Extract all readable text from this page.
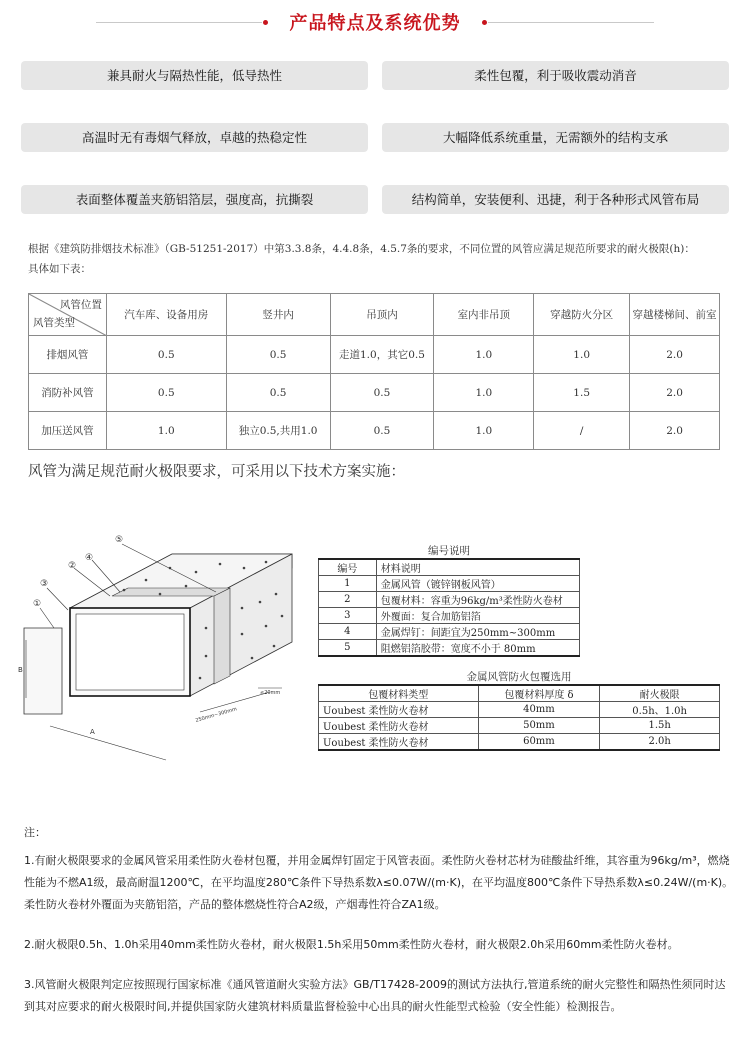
产品特点及系统优势
兼具耐火与隔热性能，低导热性	柔性包覆，利于吸收震动消音
高温时无有毒烟气释放，卓越的热稳定性	大幅降低系统重量，无需额外的结构支承
表面整体覆盖夹筋铝箔层，强度高，抗撕裂	结构简单，安装便利、迅捷，利于各种形式风管布局
根据《建筑防排烟技术标准》（GB-51251-2017）中第3.3.8条，4.4.8条，4.5.7条的要求，不同位置的风管应满足规范所要求的耐火极限(h)：
具体如下表：
风管位置
风管类型	汽车库、设备用房	竖井内	吊顶内	室内非吊顶	穿越防火分区	穿越楼梯间、前室
排烟风管	0.5	0.5	走道1.0，其它0.5	1.0	1.0	2.0
消防补风管	0.5	0.5	0.5	1.0	1.5	2.0
加压送风管	1.0	独立0.5,共用1.0	0.5	1.0	/	2.0
风管为满足规范耐火极限要求，可采用以下技术方案实施：
①
②
③
④
⑤
B
A
≤20mm
250mm~300mm
编号说明
编号	材料说明
1	金属风管（镀锌钢板风管）
2	包覆材料：容重为96kg/m³柔性防火卷材
3	外覆面：复合加筋铝箔
4	金属焊钉：间距宜为250mm~300mm
5	阻燃铝箔胶带：宽度不小于 80mm
金属风管防火包覆选用
包覆材料类型	包覆材料厚度 δ	耐火极限
Uoubest 柔性防火卷材	40mm	0.5h、1.0h
Uoubest 柔性防火卷材	50mm	1.5h
Uoubest 柔性防火卷材	60mm	2.0h
注：

1.有耐火极限要求的金属风管采用柔性防火卷材包覆，并用金属焊钉固定于风管表面。柔性防火卷材芯材为硅酸盐纤维，其容重为96kg/m³，燃烧性能为不燃A1级，最高耐温1200℃，在平均温度280℃条件下导热系数λ≤0.07W/(m·K)，在平均温度800℃条件下导热系数λ≤0.24W/(m·K)。柔性防火卷材外覆面为夹筋铝箔，产品的整体燃烧性符合A2级，产烟毒性符合ZA1级。

2.耐火极限0.5h、1.0h采用40mm柔性防火卷材，耐火极限1.5h采用50mm柔性防火卷材，耐火极限2.0h采用60mm柔性防火卷材。

3.风管耐火极限判定应按照现行国家标准《通风管道耐火实验方法》GB/T17428-2009的测试方法执行,管道系统的耐火完整性和隔热性须同时达到其对应要求的耐火极限时间,并提供国家防火建筑材料质量监督检验中心出具的耐火性能型式检验（安全性能）检测报告。
